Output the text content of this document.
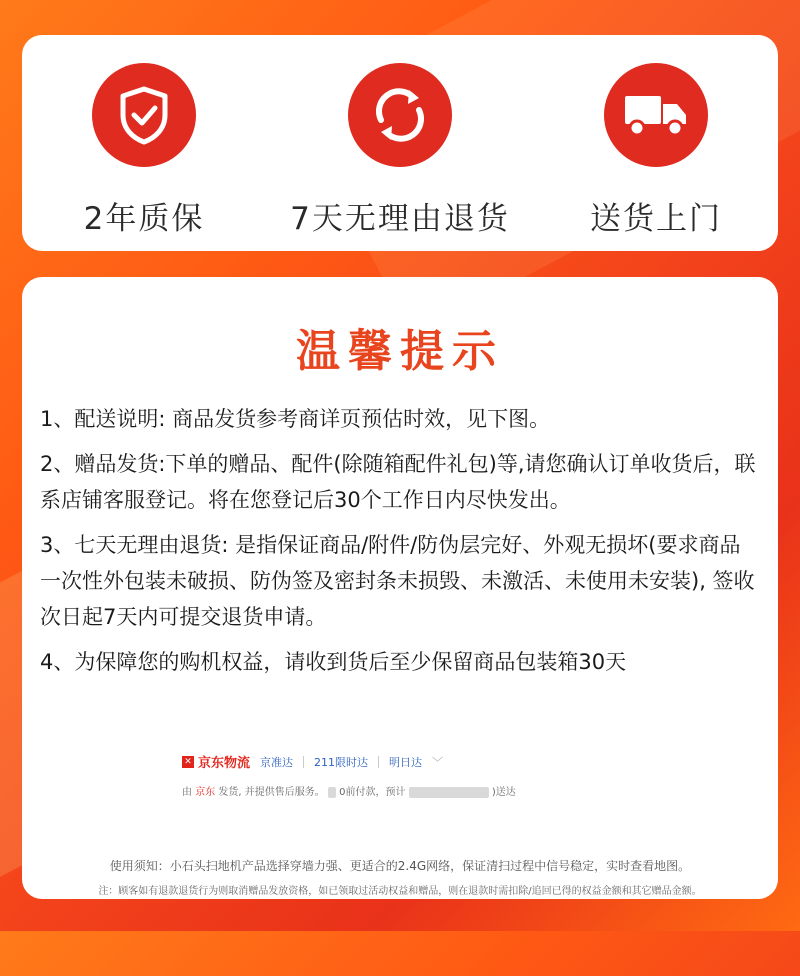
2年质保	7天无理由退货	送货上门
温馨提示
1、配送说明: 商品发货参考商详页预估时效，见下图。
2、赠品发货:下单的赠品、配件(除随箱配件礼包)等,请您确认订单收货后，联系店铺客服登记。将在您登记后30个工作日内尽快发出。
3、七天无理由退货: 是指保证商品/附件/防伪层完好、外观无损坏(要求商品一次性外包装未破损、防伪签及密封条未损毁、未激活、未使用未安装), 签收次日起7天内可提交退货申请。
4、为保障您的购机权益，请收到货后至少保留商品包装箱30天
✕ 京东物流 京准达 211限时达 明日达 ﹀
由 京东 发货, 并提供售后服务。 0前付款，预计	)送达
使用须知：小石头扫地机产品选择穿墙力强、更适合的2.4G网络，保证清扫过程中信号稳定，实时查看地图。
注：顾客如有退款退货行为则取消赠品发放资格，如已领取过活动权益和赠品，则在退款时需扣除/追回已得的权益金额和其它赠品金额。
